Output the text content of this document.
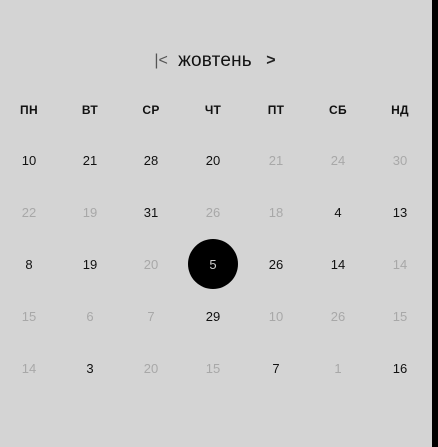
|< жовтень >
ПН	ВТ	СР	ЧТ	ПТ	СБ	НД
10	21	28	20	21	24	30
22	19	31	26	18	4	13
8	19	20	5	26	14	14
15	6	7	29	10	26	15
14	3	20	15	7	1	16
